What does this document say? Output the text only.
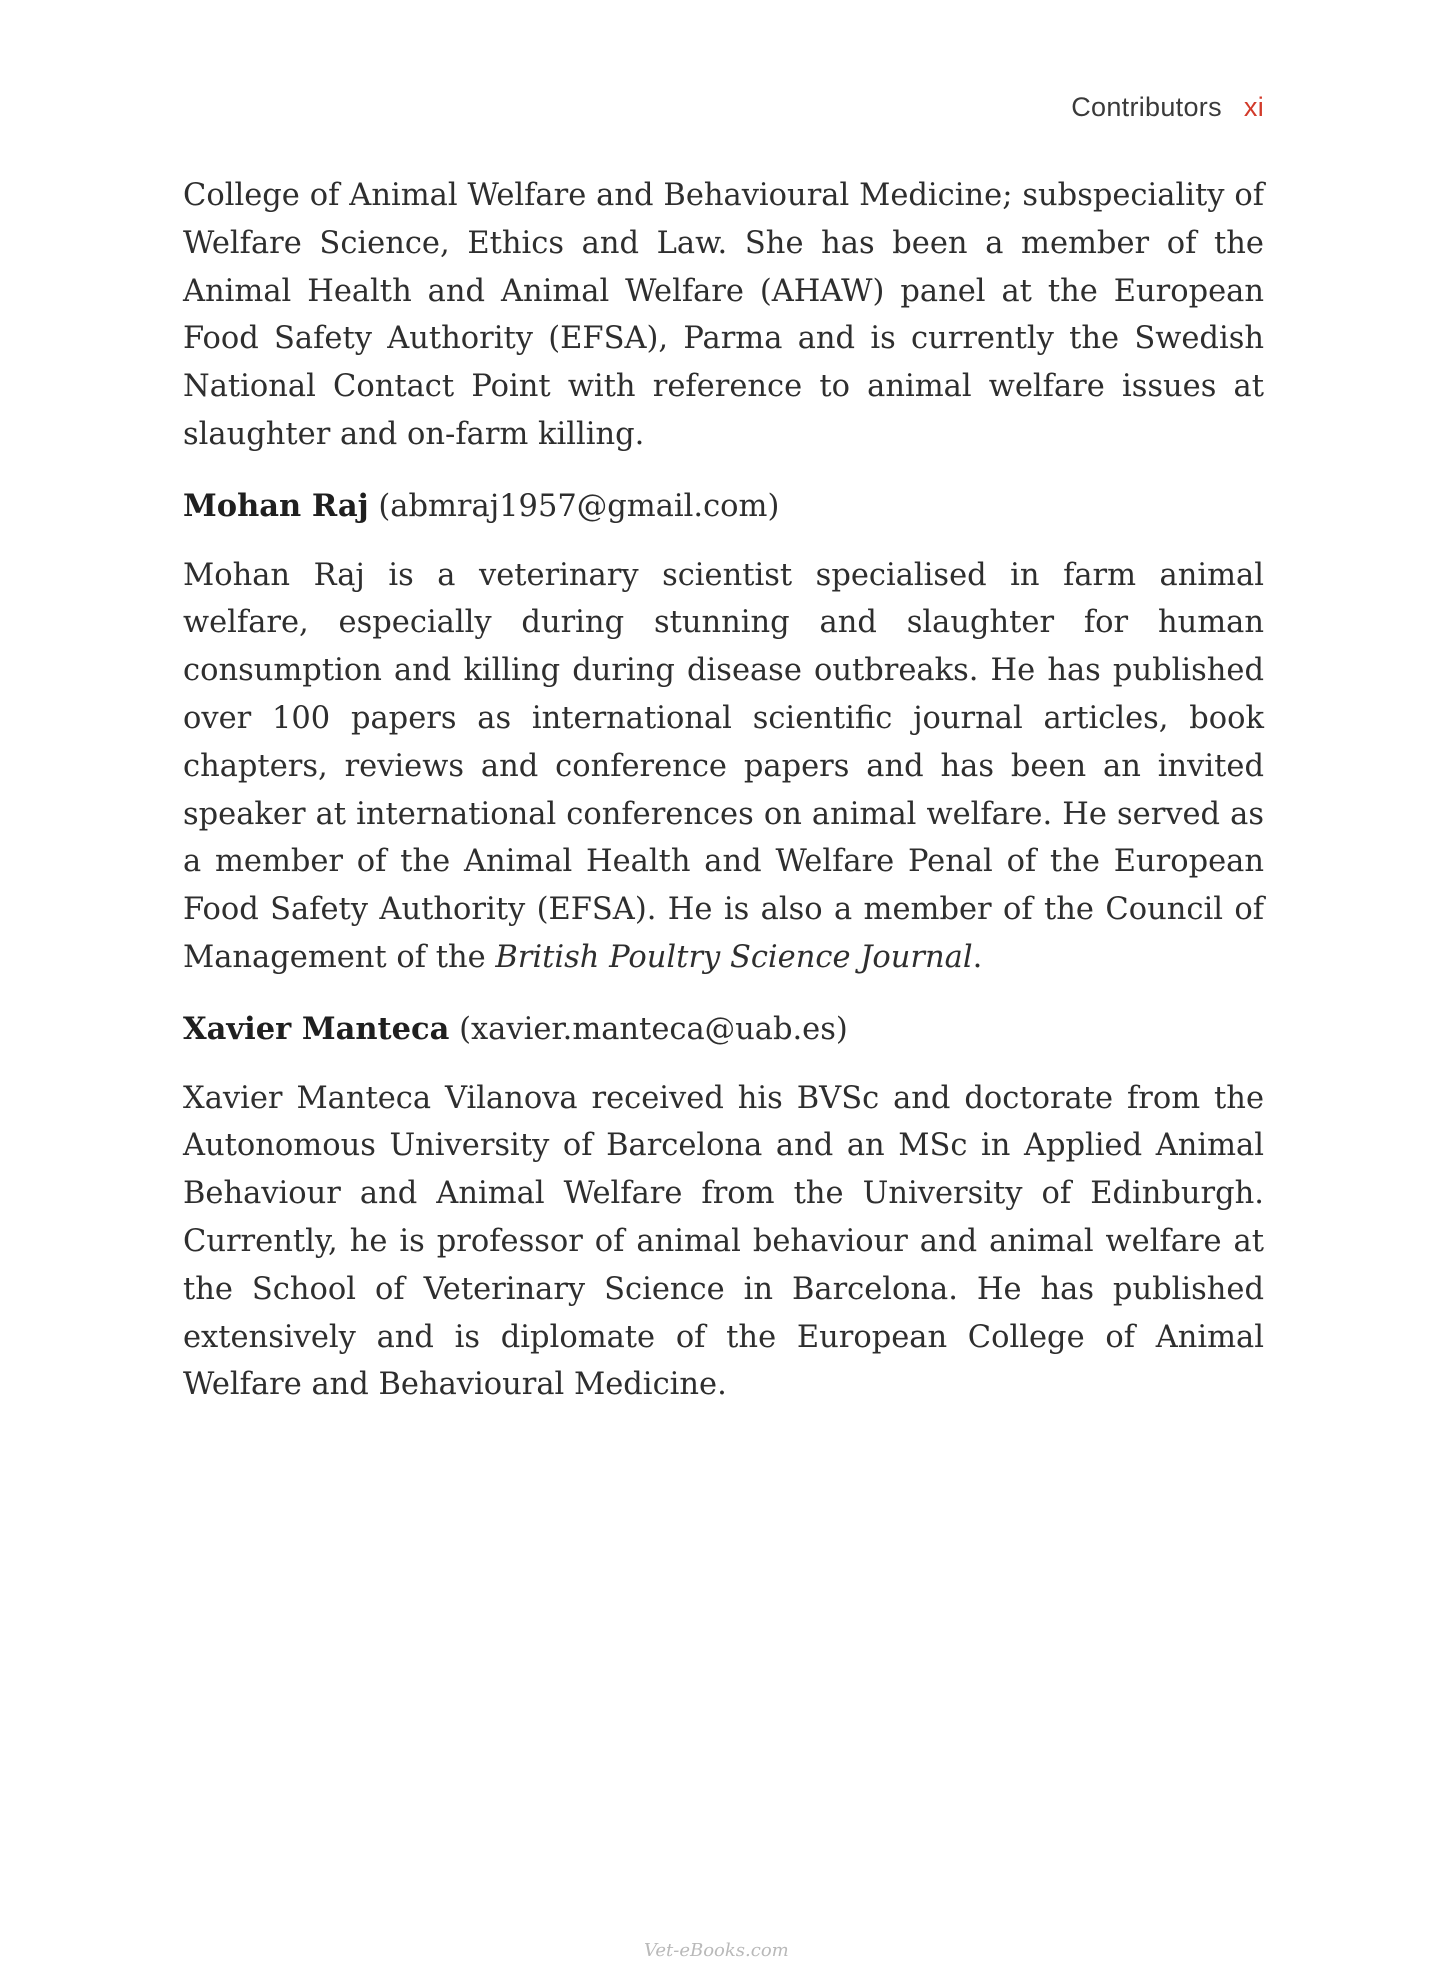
Contributors xi

College of Animal Welfare and Behavioural Medicine; subspeciality of Welfare Science, Ethics and Law. She has been a member of the Animal Health and Animal Welfare (AHAW) panel at the European Food Safety Authority (EFSA), Parma and is currently the Swedish National Contact Point with reference to animal welfare issues at slaughter and on-farm killing.

Mohan Raj (abmraj1957@gmail.com)

Mohan Raj is a veterinary scientist specialised in farm animal welfare, especially during stunning and slaughter for human consumption and killing during disease outbreaks. He has published over 100 papers as international scientific journal articles, book chapters, reviews and conference papers and has been an invited speaker at international conferences on animal welfare. He served as a member of the Animal Health and Welfare Penal of the European Food Safety Authority (EFSA). He is also a member of the Council of Management of the British Poultry Science Journal.

Xavier Manteca (xavier.manteca@uab.es)

Xavier Manteca Vilanova received his BVSc and doctorate from the Autonomous University of Barcelona and an MSc in Applied Animal Behaviour and Animal Welfare from the University of Edinburgh. Currently, he is professor of animal behaviour and animal welfare at the School of Veterinary Science in Barcelona. He has published extensively and is diplomate of the European College of Animal Welfare and Behavioural Medicine.

Vet-eBooks.com
